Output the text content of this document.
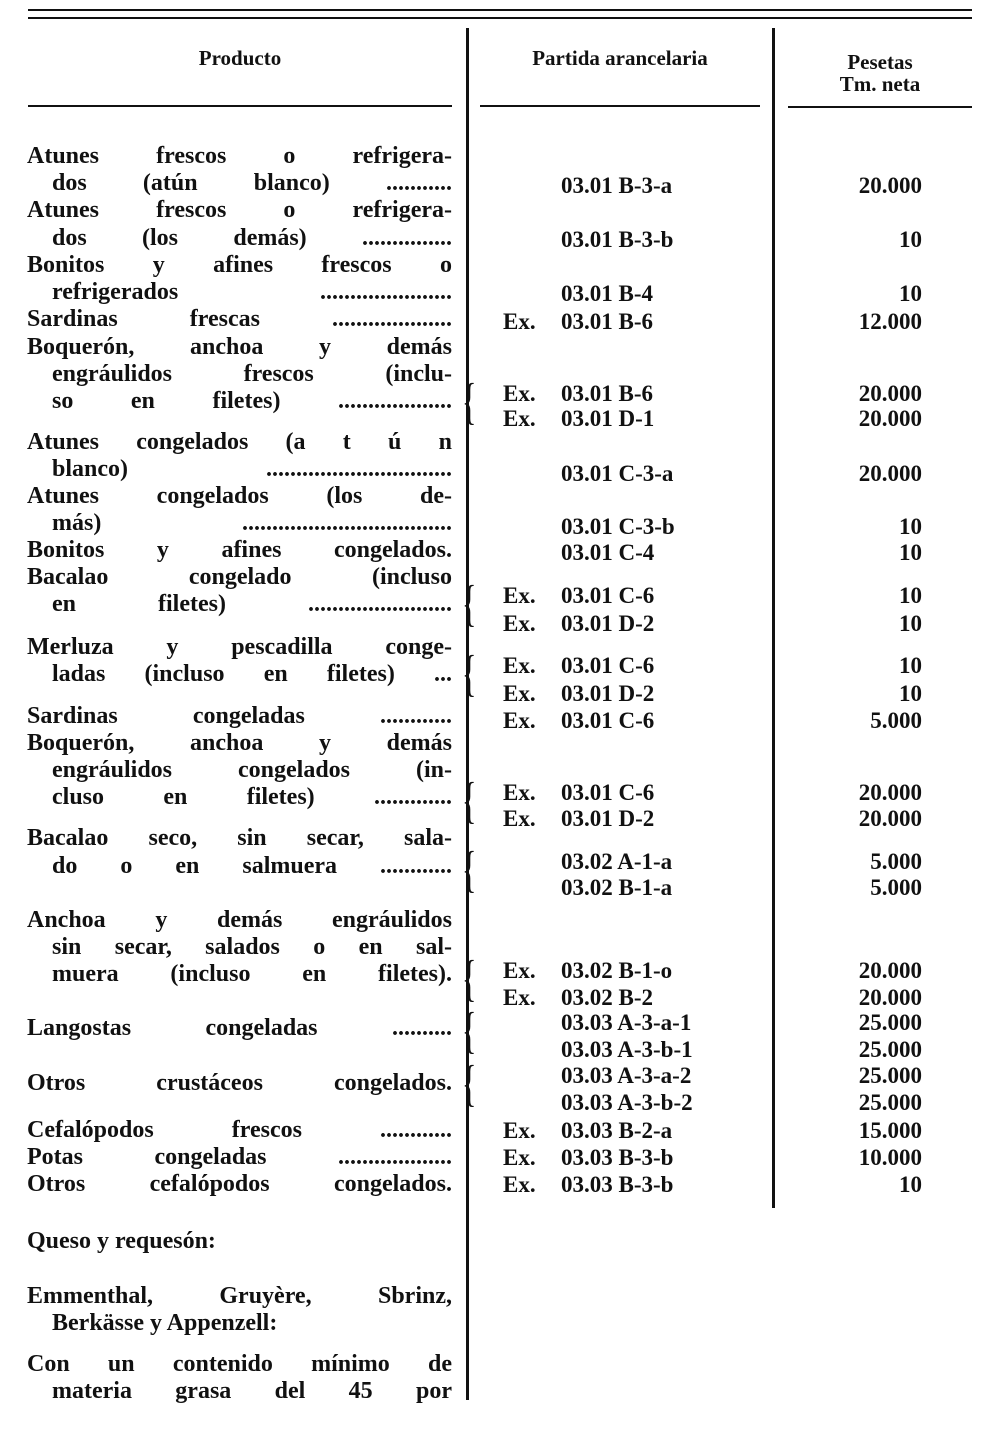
Producto	Partida arancelaria	Pesetas
Tm. neta
Atunes frescos o refrigera-
dos (atún blanco) ...........	03.01 B-3-a	20.000
Atunes frescos o refrigera-
dos (los demás) ...............	03.01 B-3-b	10
Bonitos y afines frescos o
refrigerados ......................	03.01 B-4	10
Sardinas frescas .................... Ex. 03.01 B-6	12.000
Boquerón, anchoa y demás
engráulidos frescos (inclu-
so en filetes) ................... Ex. 03.01 B-6	20.000
Ex. 03.01 D-1	20.000
{
Atunes congelados (a t ú n
blanco) ...............................	03.01 C-3-a	20.000
Atunes congelados (los de-
más) ...................................	03.01 C-3-b	10
Bonitos y afines congelados.	03.01 C-4	10
Bacalao congelado (incluso
en filetes) ........................ Ex. 03.01 C-6	10
Ex. 03.01 D-2	10
{
Merluza y pescadilla conge-
ladas (incluso en filetes) ... Ex. 03.01 C-6	10
Ex. 03.01 D-2	10
{
Sardinas congeladas ............ Ex. 03.01 C-6	5.000
Boquerón, anchoa y demás
engráulidos congelados (in-
cluso en filetes) ............. Ex. 03.01 C-6	20.000
Ex. 03.01 D-2	20.000
{
Bacalao seco, sin secar, sala-
do o en salmuera ............	03.02 A-1-a	5.000
03.02 B-1-a	5.000
{
Anchoa y demás engráulidos
sin secar, salados o en sal-
muera (incluso en filetes). Ex. 03.02 B-1-o	20.000
Ex. 03.02 B-2	20.000
{
Langostas congeladas ..........	03.03 A-3-a-1	25.000
03.03 A-3-b-1	25.000
{
Otros crustáceos congelados.	03.03 A-3-a-2	25.000
03.03 A-3-b-2	25.000
{
Cefalópodos frescos ............ Ex. 03.03 B-2-a	15.000
Potas congeladas ................... Ex. 03.03 B-3-b	10.000
Otros cefalópodos congelados. Ex. 03.03 B-3-b	10
Queso y requesón:
Emmenthal, Gruyère, Sbrinz,
Berkässe y Appenzell:
Con un contenido mínimo de
materia grasa del 45 por
